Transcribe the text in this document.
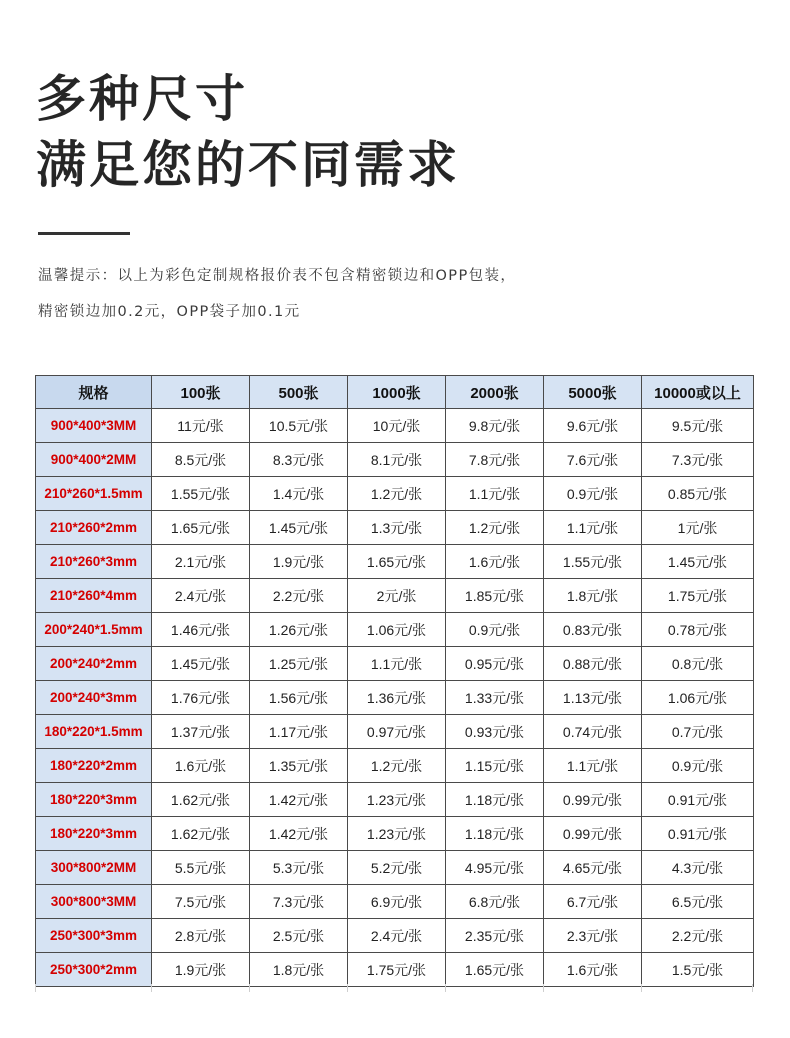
多种尺寸
满足您的不同需求
温馨提示：以上为彩色定制规格报价表不包含精密锁边和OPP包装，
精密锁边加0.2元，OPP袋子加0.1元
规格	100张	500张	1000张	2000张	5000张	10000或以上
900*400*3MM	11元/张	10.5元/张	10元/张	9.8元/张	9.6元/张	9.5元/张
900*400*2MM	8.5元/张	8.3元/张	8.1元/张	7.8元/张	7.6元/张	7.3元/张
210*260*1.5mm	1.55元/张	1.4元/张	1.2元/张	1.1元/张	0.9元/张	0.85元/张
210*260*2mm	1.65元/张	1.45元/张	1.3元/张	1.2元/张	1.1元/张	1元/张
210*260*3mm	2.1元/张	1.9元/张	1.65元/张	1.6元/张	1.55元/张	1.45元/张
210*260*4mm	2.4元/张	2.2元/张	2元/张	1.85元/张	1.8元/张	1.75元/张
200*240*1.5mm	1.46元/张	1.26元/张	1.06元/张	0.9元/张	0.83元/张	0.78元/张
200*240*2mm	1.45元/张	1.25元/张	1.1元/张	0.95元/张	0.88元/张	0.8元/张
200*240*3mm	1.76元/张	1.56元/张	1.36元/张	1.33元/张	1.13元/张	1.06元/张
180*220*1.5mm	1.37元/张	1.17元/张	0.97元/张	0.93元/张	0.74元/张	0.7元/张
180*220*2mm	1.6元/张	1.35元/张	1.2元/张	1.15元/张	1.1元/张	0.9元/张
180*220*3mm	1.62元/张	1.42元/张	1.23元/张	1.18元/张	0.99元/张	0.91元/张
180*220*3mm	1.62元/张	1.42元/张	1.23元/张	1.18元/张	0.99元/张	0.91元/张
300*800*2MM	5.5元/张	5.3元/张	5.2元/张	4.95元/张	4.65元/张	4.3元/张
300*800*3MM	7.5元/张	7.3元/张	6.9元/张	6.8元/张	6.7元/张	6.5元/张
250*300*3mm	2.8元/张	2.5元/张	2.4元/张	2.35元/张	2.3元/张	2.2元/张
250*300*2mm	1.9元/张	1.8元/张	1.75元/张	1.65元/张	1.6元/张	1.5元/张
